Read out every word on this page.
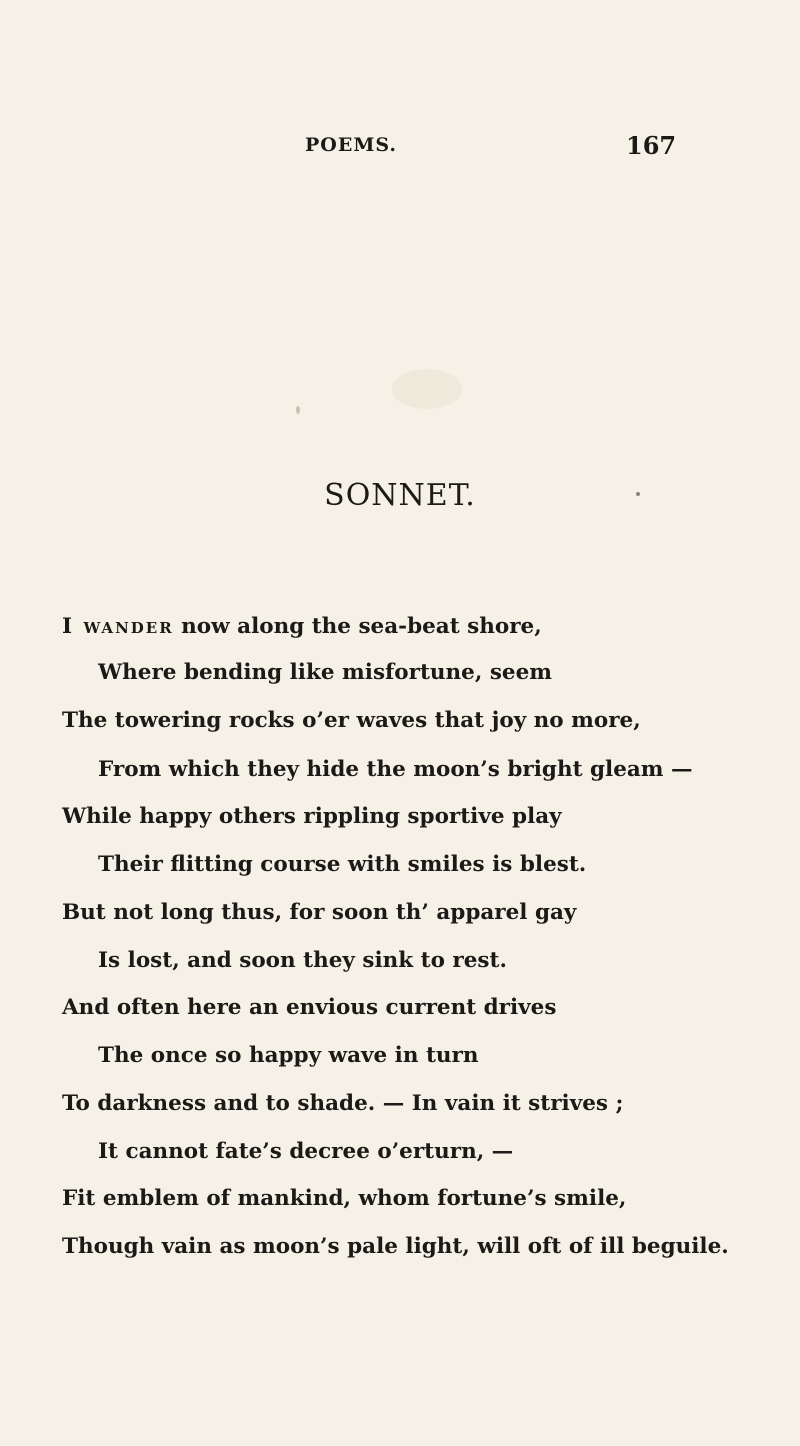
POEMS.	167
SONNET.
I wander now along the sea-beat shore,
Where bending like misfortune, seem
The towering rocks o’er waves that joy no more,
From which they hide the moon’s bright gleam —
While happy others rippling sportive play
Their flitting course with smiles is blest.
But not long thus, for soon th’ apparel gay
Is lost, and soon they sink to rest.
And often here an envious current drives
The once so happy wave in turn
To darkness and to shade. — In vain it strives ;
It cannot fate’s decree o’erturn, —
Fit emblem of mankind, whom fortune’s smile,
Though vain as moon’s pale light, will oft of ill beguile.
